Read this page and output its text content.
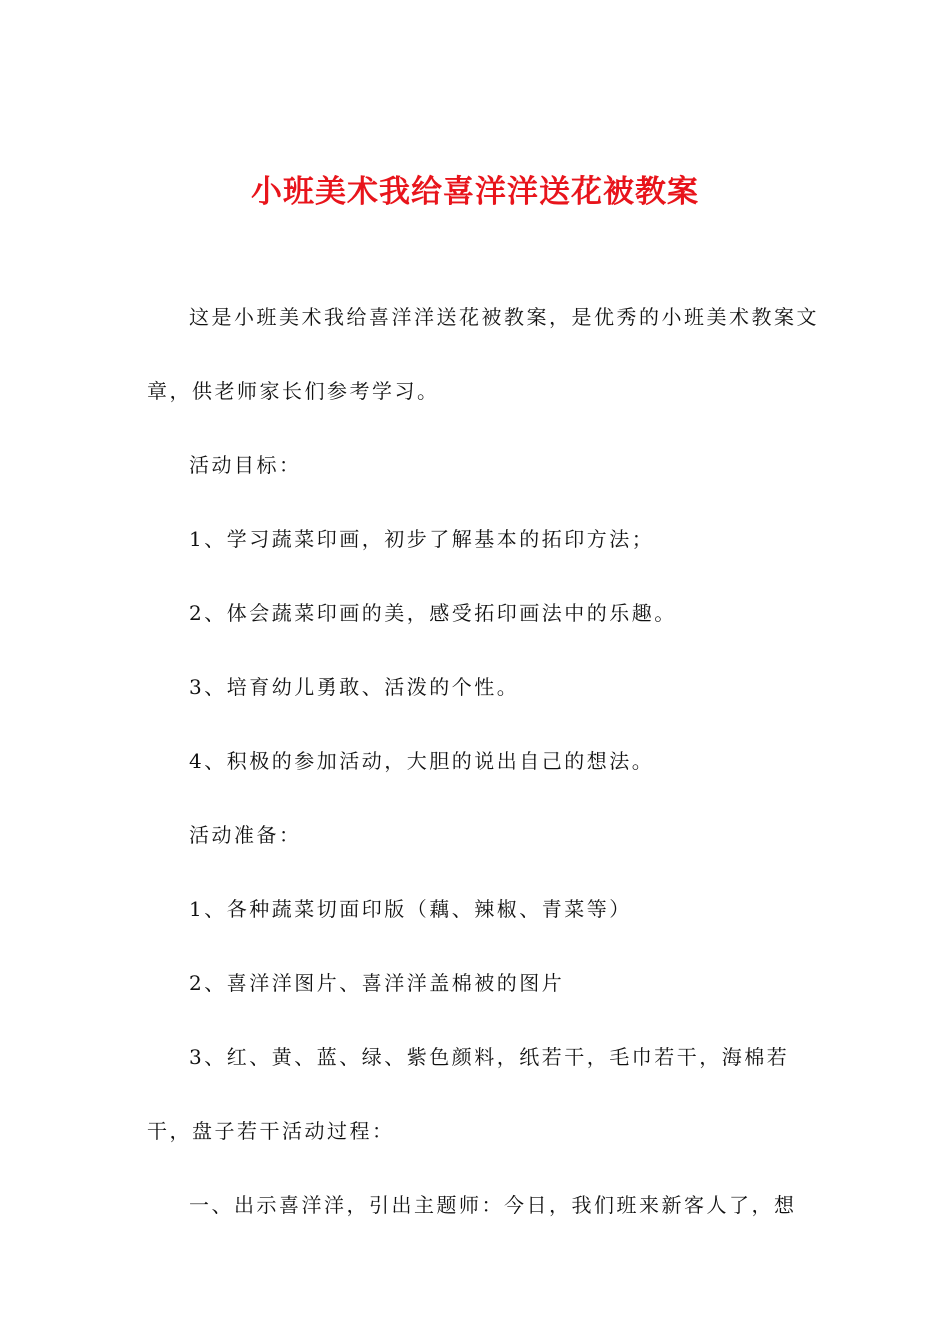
小班美术我给喜洋洋送花被教案

这是小班美术我给喜洋洋送花被教案，是优秀的小班美术教案文章，供老师家长们参考学习。

活动目标：

1、学习蔬菜印画，初步了解基本的拓印方法；

2、体会蔬菜印画的美，感受拓印画法中的乐趣。

3、培育幼儿勇敢、活泼的个性。

4、积极的参加活动，大胆的说出自己的想法。

活动准备：

1、各种蔬菜切面印版（藕、辣椒、青菜等）

2、喜洋洋图片、喜洋洋盖棉被的图片

3、红、黄、蓝、绿、紫色颜料，纸若干，毛巾若干，海棉若干，盘子若干活动过程：

一、出示喜洋洋，引出主题师：今日，我们班来新客人了，想
